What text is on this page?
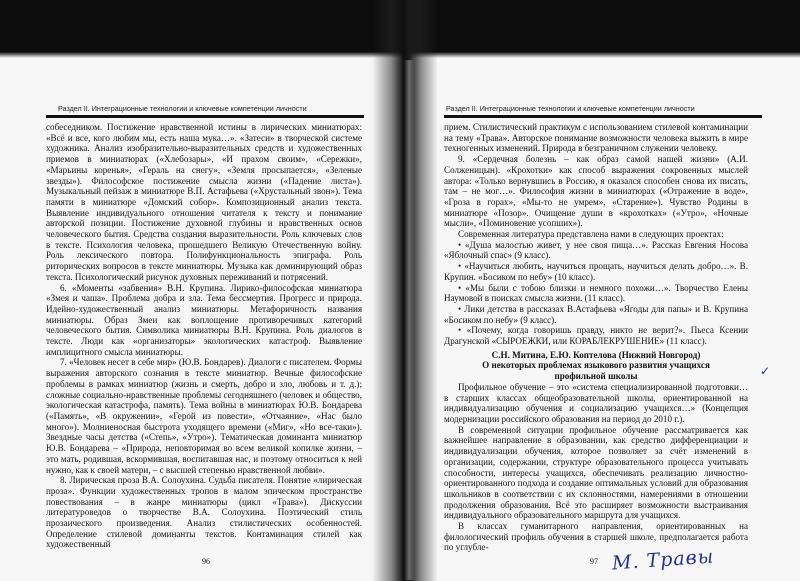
Раздел II. Интеграционные технологии и ключевые компетенции личности

собеседником. Постижение нравственной истины в лирических миниатюрах: «Всё и все, кого любим мы, есть наша мука…». «Затеси» в творческой системе художника. Анализ изобразительно-выразительных средств и художественных приемов в миниатюрах («Хлебозары», «И прахом своим», «Сережки», «Марьины коренья», «Гераль на снегу», «Земля просыпается», «Зеленые звезды»). Философское постижение смысла жизни («Падение листа»). Музыкальный пейзаж в миниатюре В.П. Астафьева («Хрустальный звон»). Тема памяти в миниатюре «Домский собор». Композиционный анализ текста. Выявление индивидуального отношения читателя к тексту и понимание авторской позиции. Постижение духовной глубины и нравственных основ человеческого бытия. Средства создания выразительности. Роль ключевых слов в тексте. Психология человека, прошедшего Великую Отечественную войну. Роль лексического повтора. Полифункциональность эпиграфа. Роль риторических вопросов в тексте миниатюры. Музыка как доминирующий образ текста. Психологический рисунок духовных переживаний и потрясений.

6. «Моменты «забвения» В.Н. Крупина. Лирико-философская миниатюра «Змея и чаша». Проблема добра и зла. Тема бессмертия. Прогресс и природа. Идейно-художественный анализ миниатюры. Метафоричность названия миниатюры. Образ Змеи как воплощение противоречивых категорий человеческого бытия. Символика миниатюры В.Н. Крупина. Роль диалогов в тексте. Люди как «организаторы» экологических катастроф. Выявление имплицитного смысла миниатюры.

7. «Человек несет в себе мир» (Ю.В. Бондарев). Диалоги с писателем. Формы выражения авторского сознания в тексте миниатюр. Вечные философские проблемы в рамках миниатюр (жизнь и смерть, добро и зло, любовь и т. д.); сложные социально-нравственные проблемы сегодняшнего (человек и общество, экологическая катастрофа, память). Тема войны в миниатюрах Ю.В. Бондарева («Память», «В окружении», «Герой из повести», «Отчаяние», «Нас было много»). Молниеносная быстрота уходящего времени («Миг», «Но все-таки»). Звездные часы детства («Степь», «Утро»). Тематическая доминанта миниатюр Ю.В. Бондарева – «Природа, неповторимая во всем великой копилке жизни, – это мать, родившая, вскормившая, воспитавшая нас, и поэтому относиться к ней нужно, как к своей матери, – с высшей степенью нравственной любви».

8. Лирическая проза В.А. Солоухина. Судьба писателя. Понятие «лирическая проза». Функции художественных тропов в малом эпическом пространстве повествования – в жанре миниатюры (цикл «Трава»). Дискуссии литературоведов о творчестве В.А. Солоухина. Поэтический стиль прозаического произведения. Анализ стилистических особенностей. Определение стилевой доминанты текстов. Контаминация стилей как художественный

96
Раздел II. Интеграционные технологии и ключевые компетенции личности

прием. Стилистический практикум с использованием стилевой контаминации на тему «Трава». Авторское понимание возможности человека выжить в мире техногенных изменений. Природа в безграничном служении человеку.

9. «Сердечная болезнь – как образ самой нашей жизни» (А.И. Солженицын). «Крохотки» как способ выражения сокровенных мыслей автора: «Только вернувшись в Россию, я оказался способен снова их писать, там – не мог…». Философия жизни в миниатюрах («Отражение в воде», «Гроза в горах», «Мы-то не умрем», «Старение»). Чувство Родины в миниатюре «Позор». Очищение души в «крохотках» («Утро», «Ночные мысли», «Поминовение усопших»).

Современная литература представлена нами в следующих проектах:

• «Душа малостью живет, у нее своя пища…». Рассказ Евгения Носова «Яблочный спас» (9 класс).

• «Научиться любить, научиться прощать, научиться делать добро…». В. Крупин. «Босиком по небу» (10 класс).

• «Мы были с тобою близки и немного похожи…». Творчество Елены Наумовой в поисках смысла жизни. (11 класс).

• Лики детства в рассказах В.Астафьева «Ягоды для папы» и В. Крупина «Босиком по небу» (9 класс).

• «Почему, когда говоришь правду, никто не верит?». Пьеса Ксении Драгунской «СЫРОЕЖКИ, или КОРАБЛЕКРУШЕНИЕ» (11 класс).

С.Н. Митина, Е.Ю. Коптелова (Нижний Новгород)

О некоторых проблемах языкового развития учащихся

профильной школы

Профильное обучение – это «система специализированной подготовки… в старших классах общеобразовательной школы, ориентированной на индивидуализацию обучения и социализацию учащихся…» (Концепция модернизации российского образования на период до 2010 г.).

В современной ситуации профильное обучение рассматривается как важнейшее направление в образовании, как средство дифференциации и индивидуализации обучения, которое позволяет за счёт изменений в организации, содержании, структуре образовательного процесса учитывать способности, интересы учащихся, обеспечивать реализацию личностно-ориентированного подхода и создание оптимальных условий для образования школьников в соответствии с их склонностями, намерениями в отношении продолжения образования. Всё это расширяет возможности выстраивания индивидуального образовательного маршрута для учащихся.

В классах гуманитарного направления, ориентированных на филологический профиль обучения в старшей школе, предполагается работа по углубле-

97
✓
М. Травы
